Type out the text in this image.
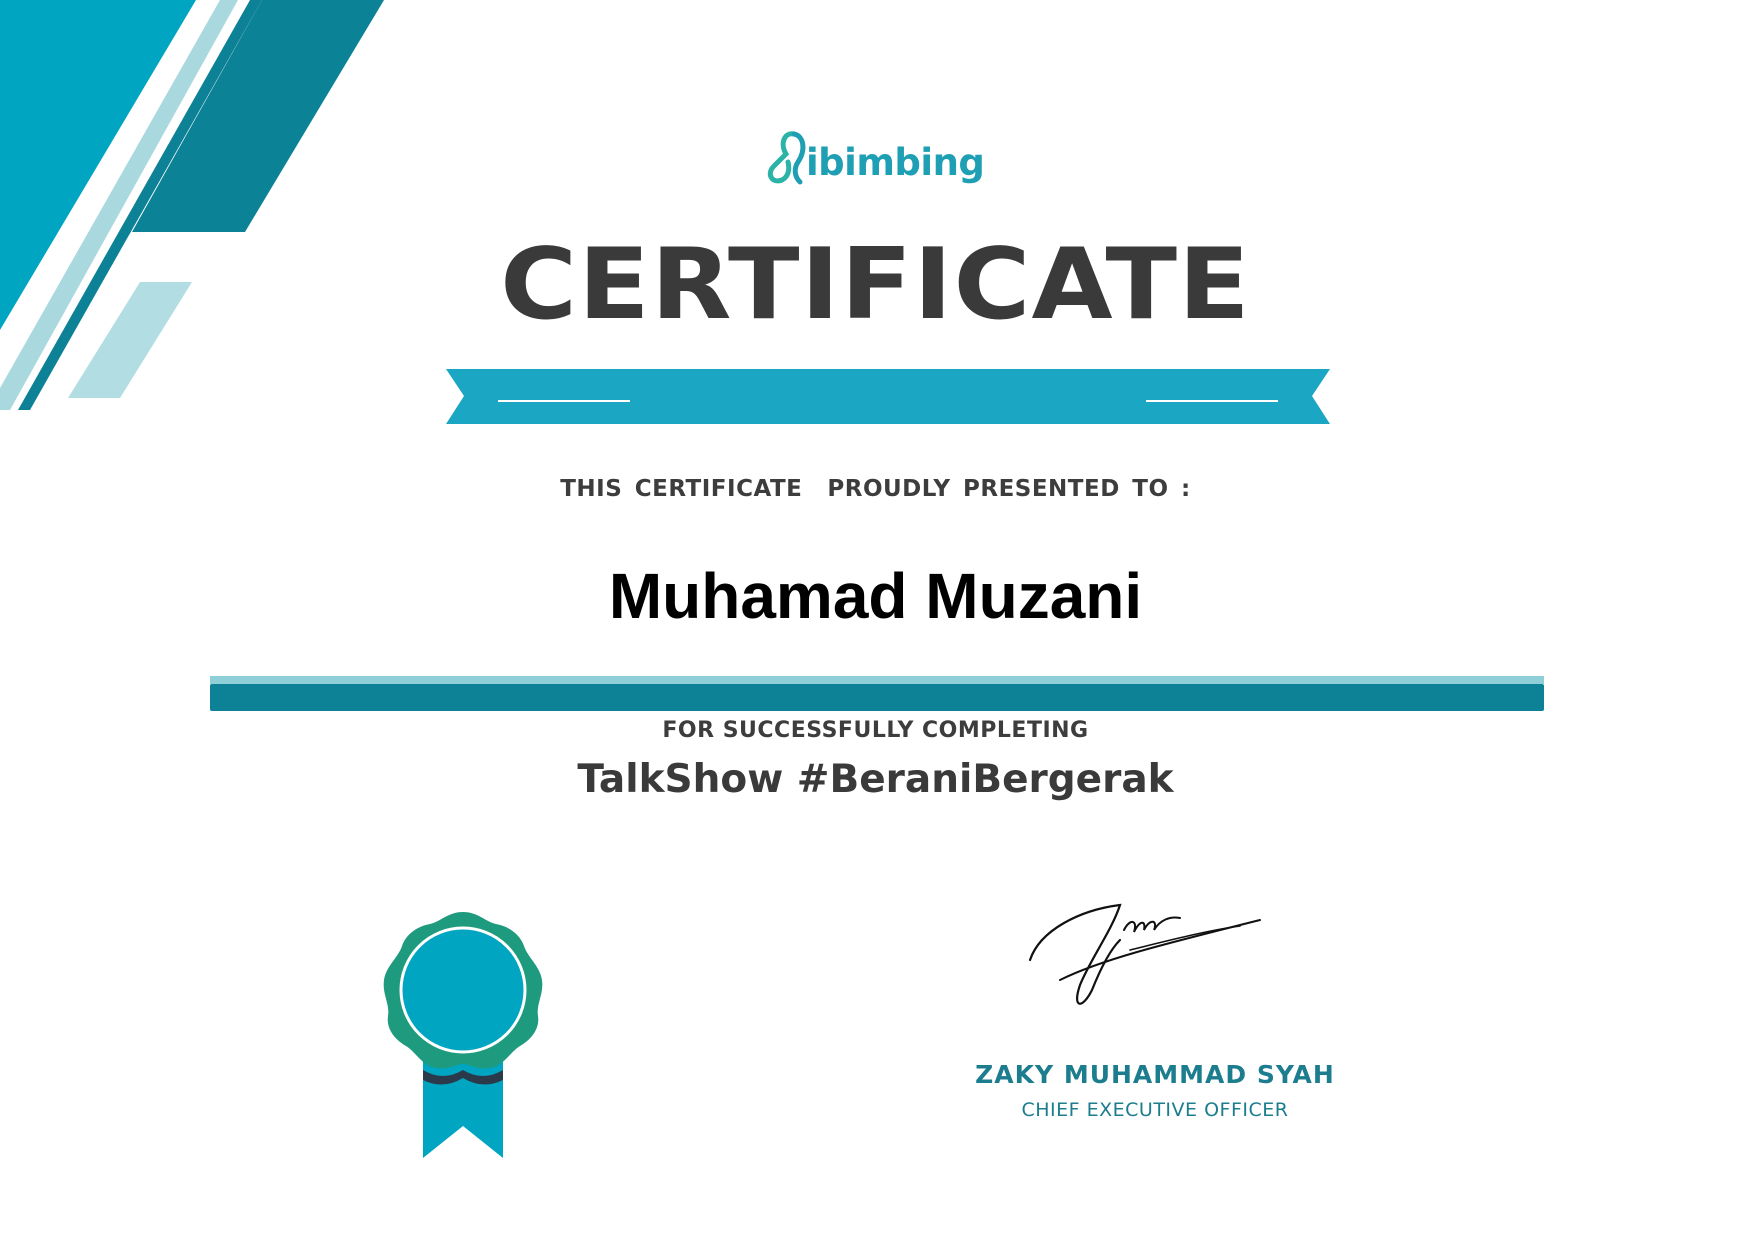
ibimbing
CERTIFICATE
THIS CERTIFICATE  PROUDLY PRESENTED TO :
Muhamad Muzani
FOR SUCCESSFULLY COMPLETING
TalkShow #BeraniBergerak
ZAKY MUHAMMAD SYAH
CHIEF EXECUTIVE OFFICER
